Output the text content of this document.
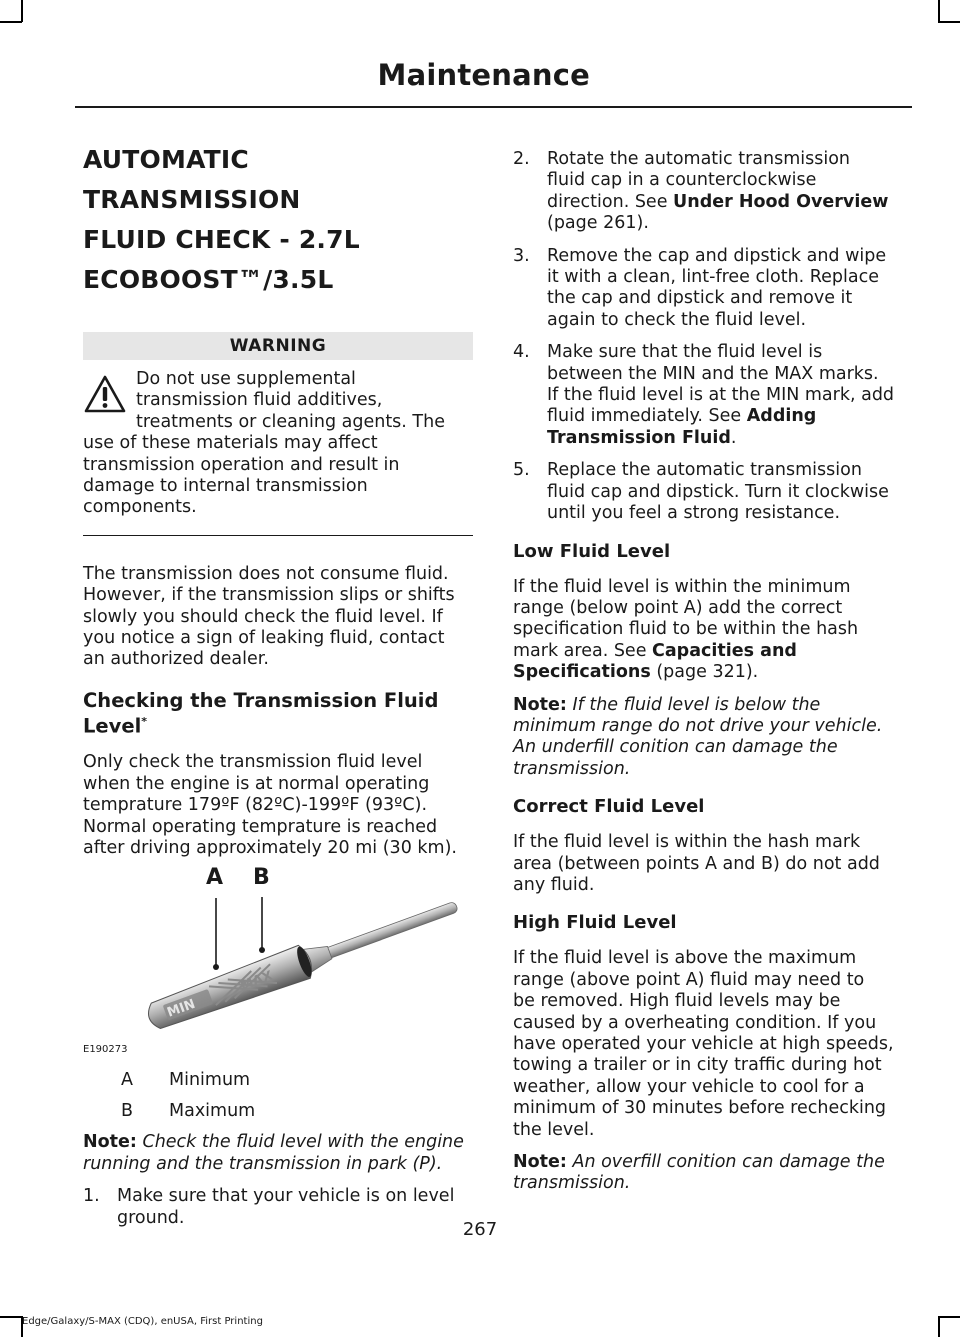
Maintenance
AUTOMATIC TRANSMISSION
FLUID CHECK - 2.7L
ECOBOOST™/3.5L
WARNING
Do not use supplemental
transmission fluid additives,
treatments or cleaning agents. The
use of these materials may affect
transmission operation and result in
damage to internal transmission
components.
The transmission does not consume fluid.
However, if the transmission slips or shifts
slowly you should check the fluid level. If
you notice a sign of leaking fluid, contact
an authorized dealer.
Checking the Transmission Fluid
Level*
Only check the transmission fluid level
when the engine is at normal operating
temprature 179ºF (82ºC)-199ºF (93ºC).
Normal operating temprature is reached
after driving approximately 20 mi (30 km).
MIN
MAX
A B
E190273
A Minimum
B Maximum
Note: Check the fluid level with the engine
running and the transmission in park (P).
1. Make sure that your vehicle is on level
ground.
2. Rotate the automatic transmission
fluid cap in a counterclockwise
direction. See Under Hood Overview
(page 261).
3. Remove the cap and dipstick and wipe
it with a clean, lint-free cloth. Replace
the cap and dipstick and remove it
again to check the fluid level.
4. Make sure that the fluid level is
between the MIN and the MAX marks.
If the fluid level is at the MIN mark, add
fluid immediately. See Adding
Transmission Fluid.
5. Replace the automatic transmission
fluid cap and dipstick. Turn it clockwise
until you feel a strong resistance.
Low Fluid Level
If the fluid level is within the minimum
range (below point A) add the correct
specification fluid to be within the hash
mark area. See Capacities and
Specifications (page 321).
Note: If the fluid level is below the
minimum range do not drive your vehicle.
An underfill conition can damage the
transmission.
Correct Fluid Level
If the fluid level is within the hash mark
area (between points A and B) do not add
any fluid.
High Fluid Level
If the fluid level is above the maximum
range (above point A) fluid may need to
be removed. High fluid levels may be
caused by a overheating condition. If you
have operated your vehicle at high speeds,
towing a trailer or in city traffic during hot
weather, allow your vehicle to cool for a
minimum of 30 minutes before rechecking
the level.
Note: An overfill conition can damage the
transmission.
267
Edge/Galaxy/S-MAX (CDQ), enUSA, First Printing
